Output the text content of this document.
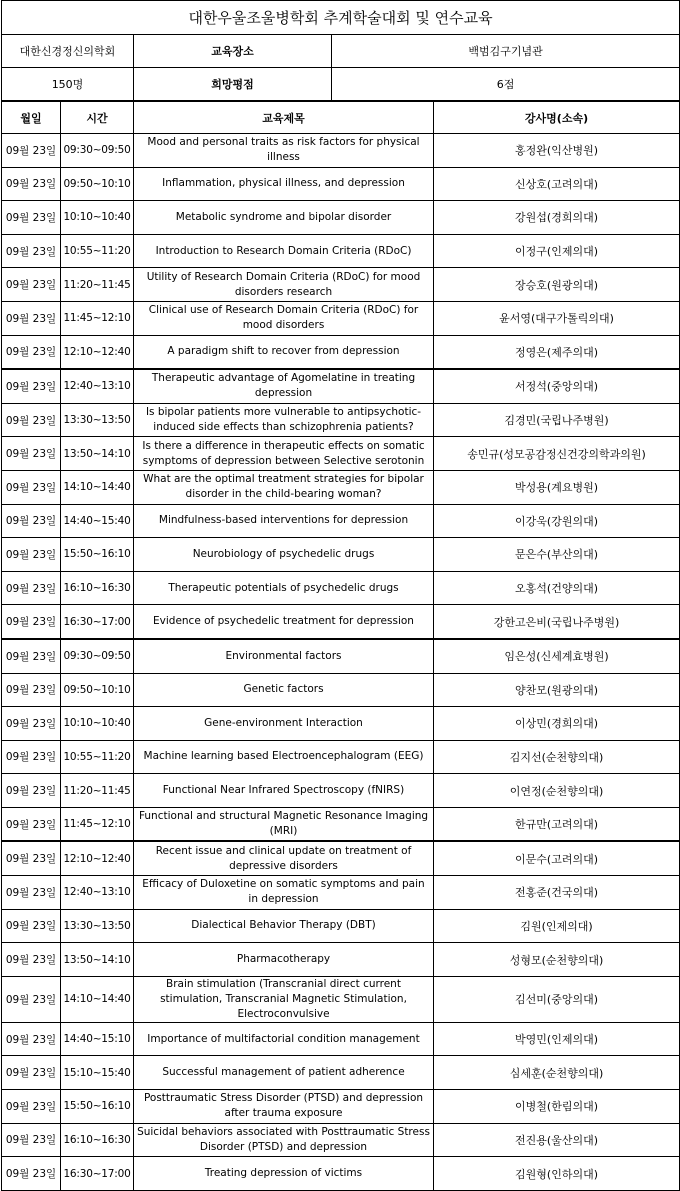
대한우울조울병학회 추계학술대회 및 연수교육				
대한신경정신의학회		교육장소	백범김구기념관	
150명		희망평점	6점	
월일	시간	교육제목		강사명(소속)
09월 23일	09:30~09:50	Mood and personal traits as risk factors for physical illness		홍정완(익산병원)
09월 23일	09:50~10:10	Inflammation, physical illness, and depression		신상호(고려의대)
09월 23일	10:10~10:40	Metabolic syndrome and bipolar disorder		강원섭(경희의대)
09월 23일	10:55~11:20	Introduction to Research Domain Criteria (RDoC)		이정구(인제의대)
09월 23일	11:20~11:45	Utility of Research Domain Criteria (RDoC) for mood disorders research		장승호(원광의대)
09월 23일	11:45~12:10	Clinical use of Research Domain Criteria (RDoC) for mood disorders		윤서영(대구가톨릭의대)
09월 23일	12:10~12:40	A paradigm shift to recover from depression		정영은(제주의대)
09월 23일	12:40~13:10	Therapeutic advantage of Agomelatine in treating depression		서정석(중앙의대)
09월 23일	13:30~13:50	Is bipolar patients more vulnerable to antipsychotic-induced side effects than schizophrenia patients?		김경민(국립나주병원)
09월 23일	13:50~14:10	Is there a difference in therapeutic effects on somatic symptoms of depression between Selective serotonin		송민규(성모공감정신건강의학과의원)
09월 23일	14:10~14:40	What are the optimal treatment strategies for bipolar disorder in the child-bearing woman?		박성용(계요병원)
09월 23일	14:40~15:40	Mindfulness-based interventions for depression		이강욱(강원의대)
09월 23일	15:50~16:10	Neurobiology of psychedelic drugs		문은수(부산의대)
09월 23일	16:10~16:30	Therapeutic potentials of psychedelic drugs		오홍석(건양의대)
09월 23일	16:30~17:00	Evidence of psychedelic treatment for depression		강한고은비(국립나주병원)
09월 23일	09:30~09:50	Environmental factors		임은성(신세계효병원)
09월 23일	09:50~10:10	Genetic factors		양찬모(원광의대)
09월 23일	10:10~10:40	Gene-environment Interaction		이상민(경희의대)
09월 23일	10:55~11:20	Machine learning based Electroencephalogram (EEG)		김지선(순천향의대)
09월 23일	11:20~11:45	Functional Near Infrared Spectroscopy (fNIRS)		이연정(순천향의대)
09월 23일	11:45~12:10	Functional and structural Magnetic Resonance Imaging (MRI)		한규만(고려의대)
09월 23일	12:10~12:40	Recent issue and clinical update on treatment of depressive disorders		이문수(고려의대)
09월 23일	12:40~13:10	Efficacy of Duloxetine on somatic symptoms and pain in depression		전홍준(건국의대)
09월 23일	13:30~13:50	Dialectical Behavior Therapy (DBT)		김원(인제의대)
09월 23일	13:50~14:10	Pharmacotherapy		성형모(순천향의대)
09월 23일	14:10~14:40	Brain stimulation (Transcranial direct current stimulation, Transcranial Magnetic Stimulation, Electroconvulsive		김선미(중앙의대)
09월 23일	14:40~15:10	Importance of multifactorial condition management		박영민(인제의대)
09월 23일	15:10~15:40	Successful management of patient adherence		심세훈(순천향의대)
09월 23일	15:50~16:10	Posttraumatic Stress Disorder (PTSD) and depression after trauma exposure		이병철(한림의대)
09월 23일	16:10~16:30	Suicidal behaviors associated with Posttraumatic Stress Disorder (PTSD) and depression		전진용(울산의대)
09월 23일	16:30~17:00	Treating depression of victims		김원형(인하의대)
